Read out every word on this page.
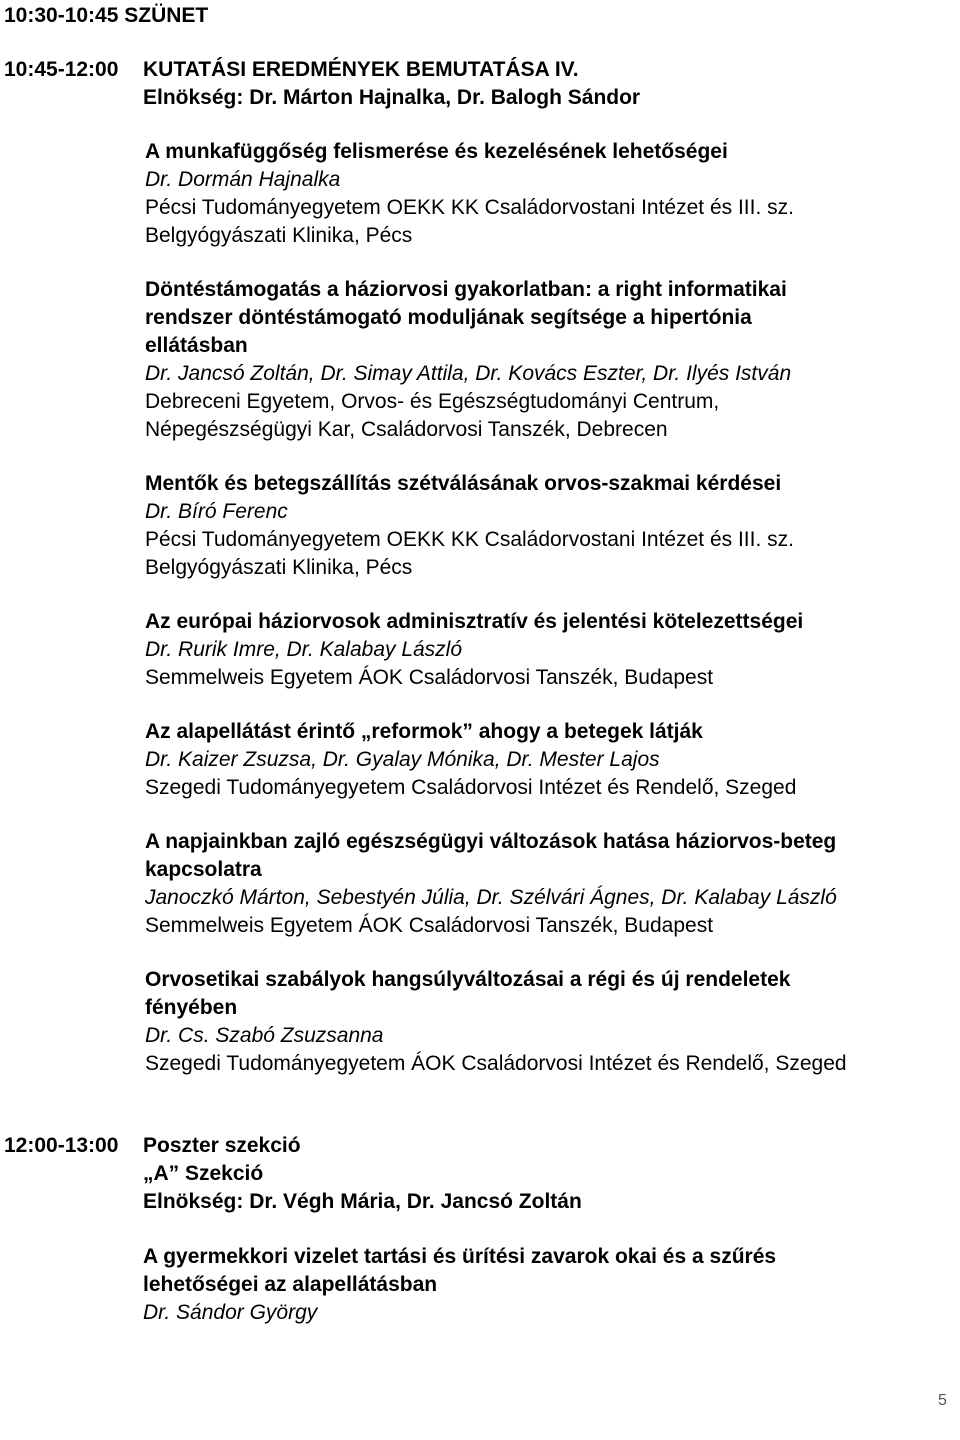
10:30-10:45 SZÜNET
10:45-12:00 KUTATÁSI EREDMÉNYEK BEMUTATÁSA IV.
Elnökség: Dr. Márton Hajnalka, Dr. Balogh Sándor
A munkafüggőség felismerése és kezelésének lehetőségei
Dr. Dormán Hajnalka
Pécsi Tudományegyetem OEKK KK Családorvostani Intézet és III. sz.
Belgyógyászati Klinika, Pécs
Döntéstámogatás a háziorvosi gyakorlatban: a right informatikai
rendszer döntéstámogató moduljának segítsége a hipertónia
ellátásban
Dr. Jancsó Zoltán, Dr. Simay Attila, Dr. Kovács Eszter, Dr. Ilyés István
Debreceni Egyetem, Orvos- és Egészségtudományi Centrum,
Népegészségügyi Kar, Családorvosi Tanszék, Debrecen
Mentők és betegszállítás szétválásának orvos-szakmai kérdései
Dr. Bíró Ferenc
Pécsi Tudományegyetem OEKK KK Családorvostani Intézet és III. sz.
Belgyógyászati Klinika, Pécs
Az európai háziorvosok adminisztratív és jelentési kötelezettségei
Dr. Rurik Imre, Dr. Kalabay László
Semmelweis Egyetem ÁOK Családorvosi Tanszék, Budapest
Az alapellátást érintő „reformok” ahogy a betegek látják
Dr. Kaizer Zsuzsa, Dr. Gyalay Mónika, Dr. Mester Lajos
Szegedi Tudományegyetem Családorvosi Intézet és Rendelő, Szeged
A napjainkban zajló egészségügyi változások hatása háziorvos-beteg
kapcsolatra
Janoczkó Márton, Sebestyén Júlia, Dr. Szélvári Ágnes, Dr. Kalabay László
Semmelweis Egyetem ÁOK Családorvosi Tanszék, Budapest
Orvosetikai szabályok hangsúlyváltozásai a régi és új rendeletek
fényében
Dr. Cs. Szabó Zsuzsanna
Szegedi Tudományegyetem ÁOK Családorvosi Intézet és Rendelő, Szeged
12:00-13:00 Poszter szekció
„A” Szekció
Elnökség: Dr. Végh Mária, Dr. Jancsó Zoltán
A gyermekkori vizelet tartási és ürítési zavarok okai és a szűrés
lehetőségei az alapellátásban
Dr. Sándor György
5
